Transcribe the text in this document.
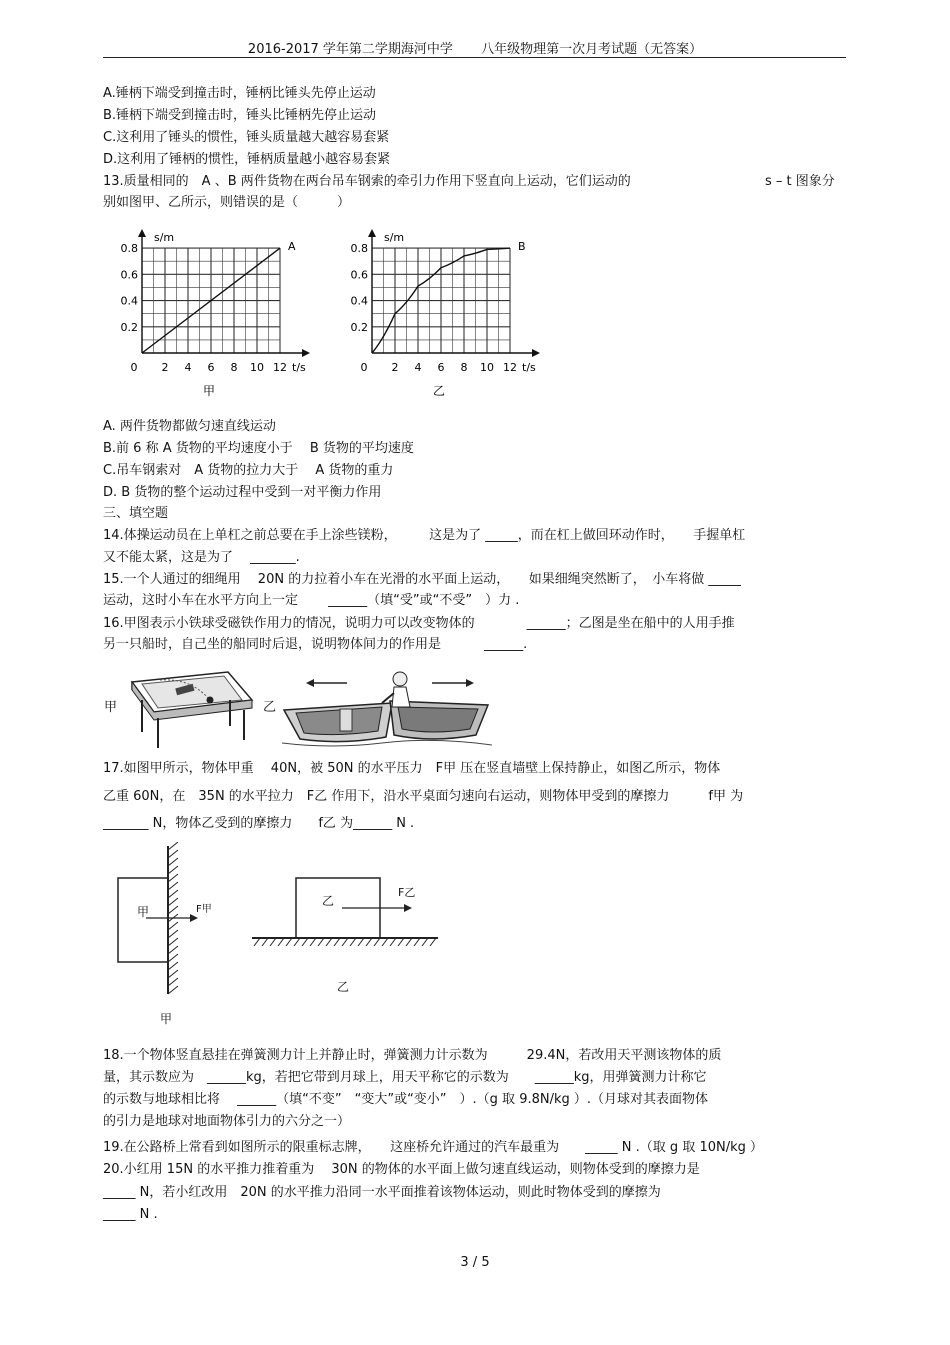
2016-2017 学年第二学期海河中学 八年级物理第一次月考试题（无答案）
A.锤柄下端受到撞击时，锤柄比锤头先停止运动
B.锤柄下端受到撞击时，锤头比锤柄先停止运动
C.这利用了锤头的惯性，锤头质量越大越容易套紧
D.这利用了锤柄的惯性，锤柄质量越小越容易套紧
13.质量相同的　A 、B 两件货物在两台吊车钢索的牵引力作用下竖直向上运动，它们运动的	s – t 图象分
别如图甲、乙所示，则错误的是（　　　）
s/m
t/s
A
0.2
0.4
0.6
0.8
0 2 4 6 8 10 12
甲
s/m
t/s
B
0.2
0.4
0.6
0.8
0 2 4 6 8 10 12
乙
A. 两件货物都做匀速直线运动
B.前 6 称 A 货物的平均速度小于　 B 货物的平均速度
C.吊车钢索对　A 货物的拉力大于　 A 货物的重力
D. B 货物的整个运动过程中受到一对平衡力作用
三、填空题
14.体操运动员在上单杠之前总要在手上涂些镁粉，　　　这是为了 _____，而在杠上做回环动作时，　　手握单杠
又不能太紧，这是为了　 _______.
15.一个人通过的细绳用　 20N 的力拉着小车在光滑的水平面上运动，　　如果细绳突然断了，　小车将做 _____
运动，这时小车在水平方向上一定　　 ______（填“受”或“不受”　）力 .
16.甲图表示小铁球受磁铁作用力的情况，说明力可以改变物体的　　　　______；乙图是坐在船中的人用手推
另一只船时，自己坐的船同时后退，说明物体间力的作用是　　　 ______.
甲	乙
17.如图甲所示，物体甲重　 40N，被 50N 的水平压力　F甲 压在竖直墙壁上保持静止，如图乙所示，物体
乙重 60N，在　35N 的水平拉力　F乙 作用下，沿水平桌面匀速向右运动，则物体甲受到的摩擦力　　　f甲 为
_______ N，物体乙受到的摩擦力　　f乙 为______ N .
甲	F甲
甲
乙
F乙
乙
18.一个物体竖直悬挂在弹簧测力计上并静止时，弹簧测力计示数为　　　29.4N，若改用天平测该物体的质
量，其示数应为　______kg，若把它带到月球上，用天平称它的示数为　　______kg，用弹簧测力计称它
的示数与地球相比将　 ______（填“不变”　“变大”或“变小”　）.（g 取 9.8N/kg ）.（月球对其表面物体
的引力是地球对地面物体引力的六分之一）
19.在公路桥上常看到如图所示的限重标志牌，　　这座桥允许通过的汽车最重为　　_____ N .（取 g 取 10N/kg ）
20.小红用 15N 的水平推力推着重为　 30N 的物体的水平面上做匀速直线运动，则物体受到的摩擦力是
_____ N，若小红改用　20N 的水平推力沿同一水平面推着该物体运动，则此时物体受到的摩擦为
_____ N .
3 / 5
